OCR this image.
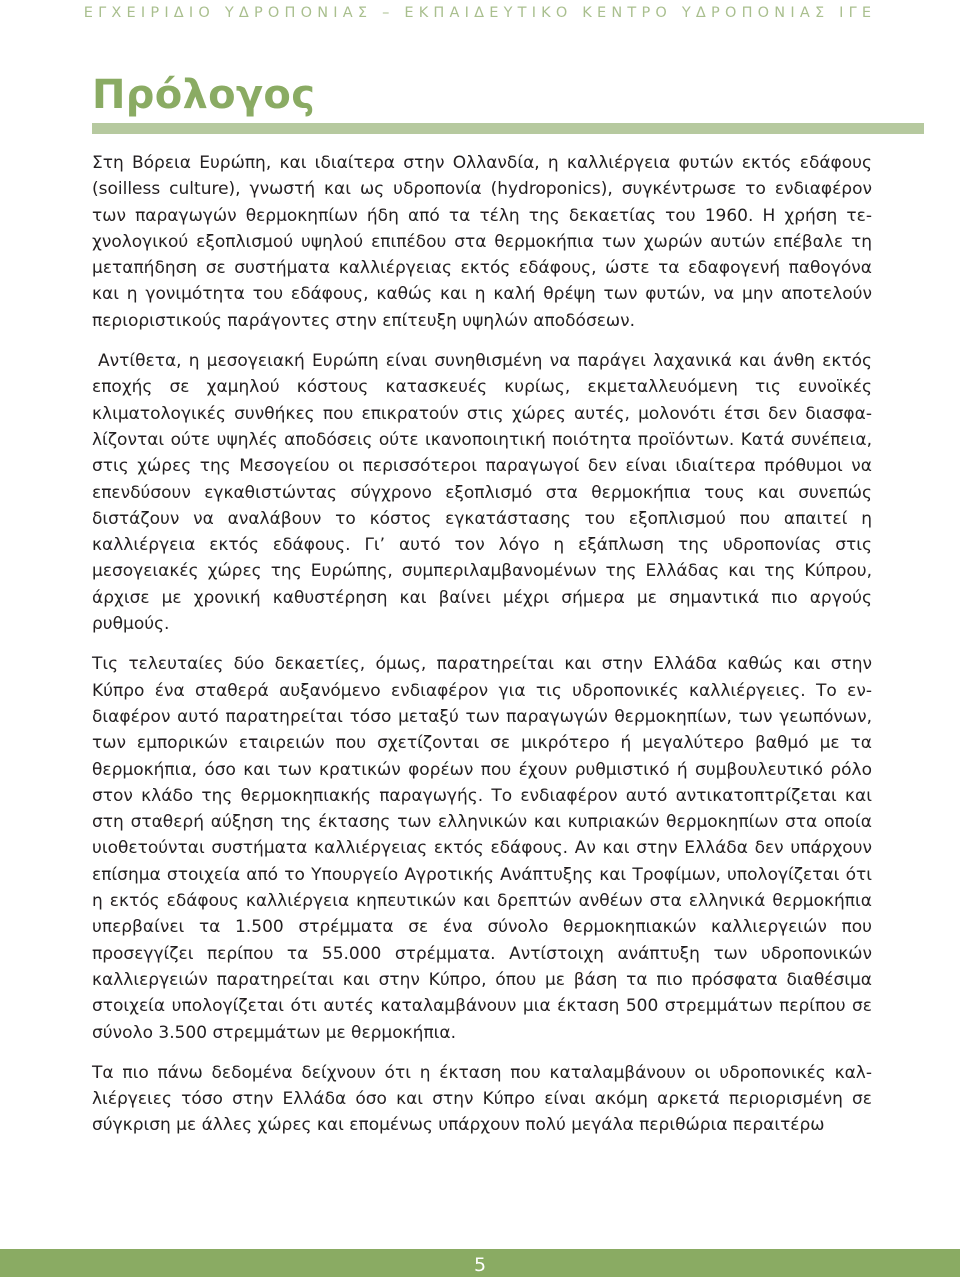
ΕΓΧΕΙΡΙΔΙΟ ΥΔΡΟΠΟΝΙΑΣ – ΕΚΠΑΙΔΕΥΤΙΚΟ ΚΕΝΤΡΟ ΥΔΡΟΠΟΝΙΑΣ ΙΓΕ
Πρόλογος

Στη Βόρεια Ευρώπη, και ιδιαίτερα στην Ολλανδία, η καλλιέργεια φυτών εκτός εδάφους (soilless culture), γνωστή και ως υδροπονία (hydroponics), συγκέντρωσε το ενδιαφέρον των παραγωγών θερμοκηπίων ήδη από τα τέλη της δεκαετίας του 1960. Η χρήση τεχνολογικού εξοπλισμού υψηλού επιπέδου στα θερμοκήπια των χωρών αυτών επέβαλε τη μεταπήδηση σε συστήματα καλλιέργειας εκτός εδάφους, ώστε τα εδαφογενή παθογόνα και η γονιμότητα του εδάφους, καθώς και η καλή θρέψη των φυτών, να μην αποτελούν περιοριστικούς παράγοντες στην επίτευξη υψηλών αποδόσεων.

Αντίθετα, η μεσογειακή Ευρώπη είναι συνηθισμένη να παράγει λαχανικά και άνθη εκτός εποχής σε χαμηλού κόστους κατασκευές κυρίως, εκμεταλλευόμενη τις ευνοϊκές κλιματολογικές συνθήκες που επικρατούν στις χώρες αυτές, μολονότι έτσι δεν διασφαλίζονται ούτε υψηλές αποδόσεις ούτε ικανοποιητική ποιότητα προϊόντων. Κατά συνέπεια, στις χώρες της Μεσογείου οι περισσότεροι παραγωγοί δεν είναι ιδιαίτερα πρόθυμοι να επενδύσουν εγκαθιστώντας σύγχρονο εξοπλισμό στα θερμοκήπια τους και συνεπώς διστάζουν να αναλάβουν το κόστος εγκατάστασης του εξοπλισμού που απαιτεί η καλλιέργεια εκτός εδάφους. Γι’ αυτό τον λόγο η εξάπλωση της υδροπονίας στις μεσογειακές χώρες της Ευρώπης, συμπεριλαμβανομένων της Ελλάδας και της Κύπρου, άρχισε με χρονική καθυστέρηση και βαίνει μέχρι σήμερα με σημαντικά πιο αργούς ρυθμούς.

Τις τελευταίες δύο δεκαετίες, όμως, παρατηρείται και στην Ελλάδα καθώς και στην Κύπρο ένα σταθερά αυξανόμενο ενδιαφέρον για τις υδροπονικές καλλιέργειες. Το ενδιαφέρον αυτό παρατηρείται τόσο μεταξύ των παραγωγών θερμοκηπίων, των γεωπόνων, των εμπορικών εταιρειών που σχετίζονται σε μικρότερο ή μεγαλύτερο βαθμό με τα θερμοκήπια, όσο και των κρατικών φορέων που έχουν ρυθμιστικό ή συμβουλευτικό ρόλο στον κλάδο της θερμοκηπιακής παραγωγής. Το ενδιαφέρον αυτό αντικατοπτρίζεται και στη σταθερή αύξηση της έκτασης των ελληνικών και κυπριακών θερμοκηπίων στα οποία υιοθετούνται συστήματα καλλιέργειας εκτός εδάφους. Αν και στην Ελλάδα δεν υπάρχουν επίσημα στοιχεία από το Υπουργείο Αγροτικής Ανάπτυξης και Τροφίμων, υπολογίζεται ότι η εκτός εδάφους καλλιέργεια κηπευτικών και δρεπτών ανθέων στα ελληνικά θερμοκήπια υπερβαίνει τα 1.500 στρέμματα σε ένα σύνολο θερμοκηπιακών καλλιεργειών που προσεγγίζει περίπου τα 55.000 στρέμματα. Αντίστοιχη ανάπτυξη των υδροπονικών καλλιεργειών παρατηρείται και στην Κύπρο, όπου με βάση τα πιο πρόσφατα διαθέσιμα στοιχεία υπολογίζεται ότι αυτές καταλαμβάνουν μια έκταση 500 στρεμμάτων περίπου σε σύνολο 3.500 στρεμμάτων με θερμοκήπια.

Τα πιο πάνω δεδομένα δείχνουν ότι η έκταση που καταλαμβάνουν οι υδροπονικές καλλιέργειες τόσο στην Ελλάδα όσο και στην Κύπρο είναι ακόμη αρκετά περιορισμένη σε σύγκριση με άλλες χώρες και επομένως υπάρχουν πολύ μεγάλα περιθώρια περαιτέρω

5
